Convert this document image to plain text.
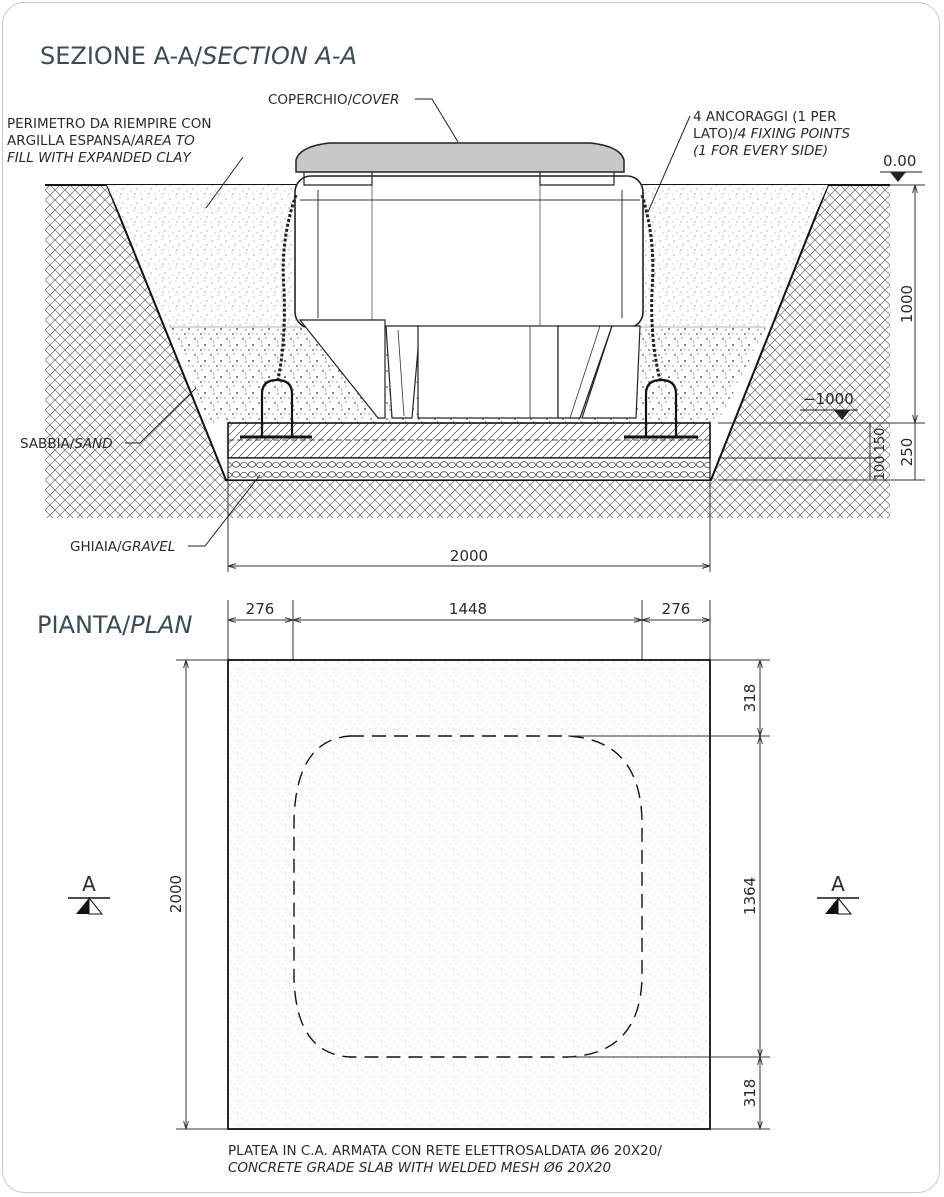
SEZIONE A-A/SECTION A-A
COPERCHIO/COVER
PERIMETRO DA RIEMPIRE CON
ARGILLA ESPANSA/AREA TO
FILL WITH EXPANDED CLAY
4 ANCORAGGI (1 PER
LATO)/4 FIXING POINTS
(1 FOR EVERY SIDE)
SABBIA/SAND
GHIAIA/GRAVEL
0.00
−1000
1000
150
100
250
2000
PIANTA/PLAN
276	1448	276
2000
318
1364
318
A	A
PLATEA IN C.A. ARMATA CON RETE ELETTROSALDATA Ø6 20X20/
CONCRETE GRADE SLAB WITH WELDED MESH Ø6 20X20
